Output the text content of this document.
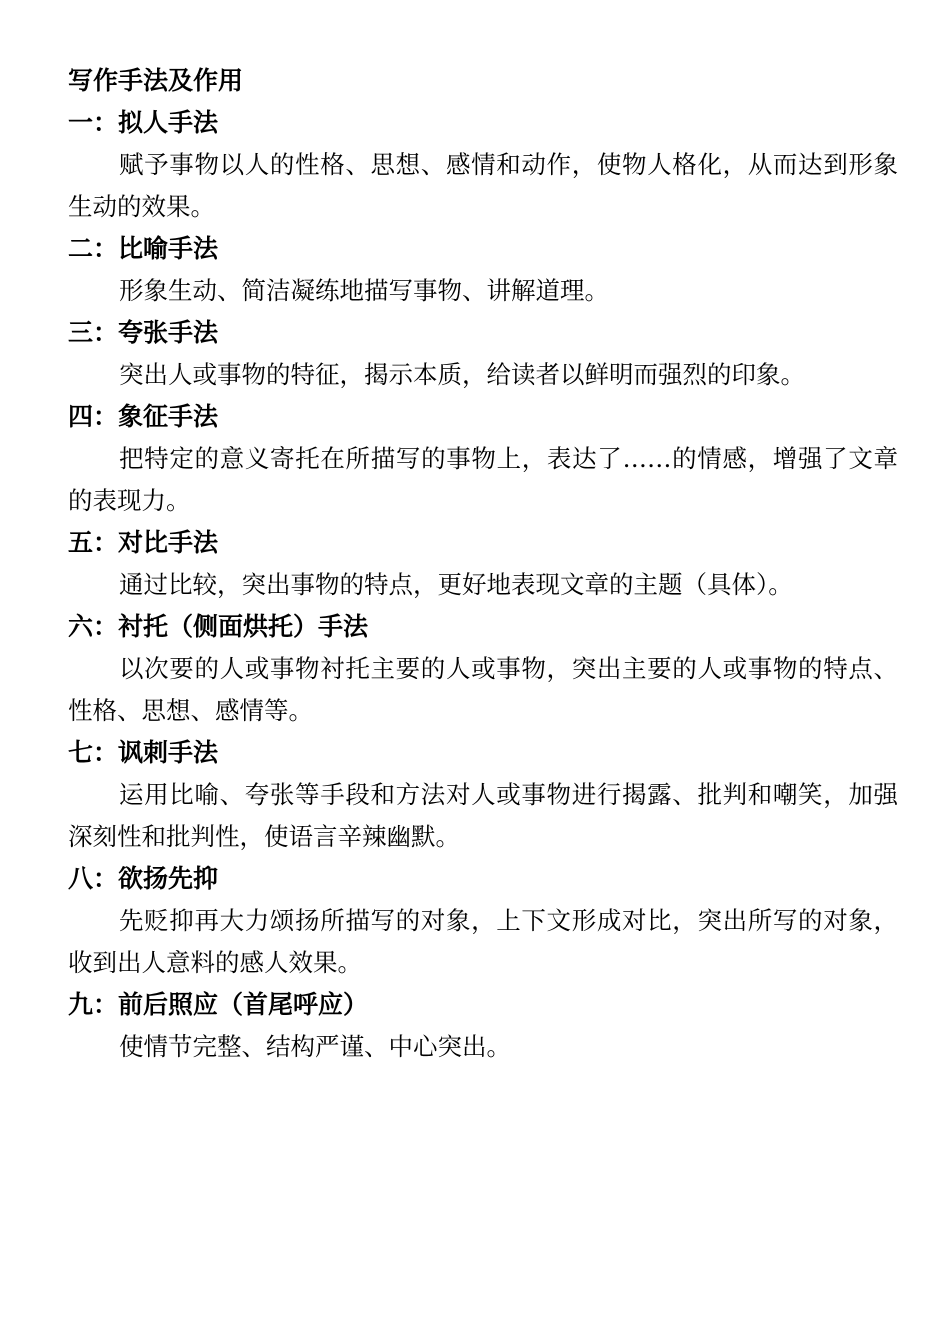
写作手法及作用
一：拟人手法

赋予事物以人的性格、思想、感情和动作，使物人格化，从而达到形象生动的效果。

二：比喻手法

形象生动、简洁凝练地描写事物、讲解道理。

三：夸张手法

突出人或事物的特征，揭示本质，给读者以鲜明而强烈的印象。

四：象征手法

把特定的意义寄托在所描写的事物上，表达了……的情感，增强了文章的表现力。

五：对比手法

通过比较，突出事物的特点，更好地表现文章的主题（具体）。

六：衬托（侧面烘托）手法

以次要的人或事物衬托主要的人或事物，突出主要的人或事物的特点、性格、思想、感情等。

七：讽刺手法

运用比喻、夸张等手段和方法对人或事物进行揭露、批判和嘲笑，加强深刻性和批判性，使语言辛辣幽默。

八：欲扬先抑

先贬抑再大力颂扬所描写的对象，上下文形成对比，突出所写的对象，收到出人意料的感人效果。

九：前后照应（首尾呼应）

使情节完整、结构严谨、中心突出。
